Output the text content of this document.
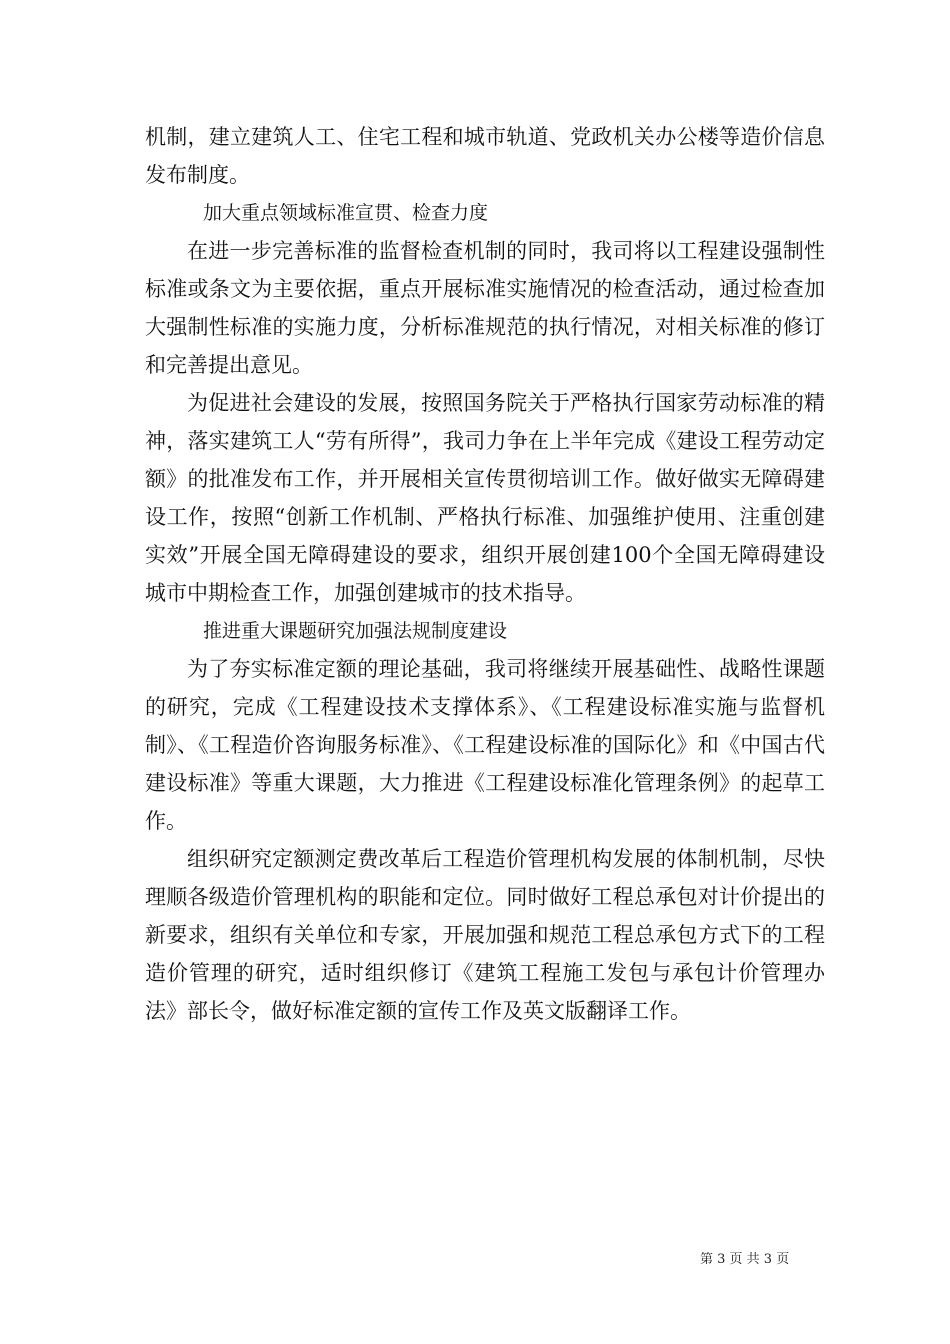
机制，建立建筑人工、住宅工程和城市轨道、党政机关办公楼等造价信息发布制度。

加大重点领域标准宣贯、检查力度

在进一步完善标准的监督检查机制的同时，我司将以工程建设强制性标准或条文为主要依据，重点开展标准实施情况的检查活动，通过检查加大强制性标准的实施力度，分析标准规范的执行情况，对相关标准的修订和完善提出意见。

为促进社会建设的发展，按照国务院关于严格执行国家劳动标准的精神，落实建筑工人“劳有所得”，我司力争在上半年完成《建设工程劳动定额》的批准发布工作，并开展相关宣传贯彻培训工作。做好做实无障碍建设工作，按照“创新工作机制、严格执行标准、加强维护使用、注重创建实效”开展全国无障碍建设的要求，组织开展创建100个全国无障碍建设城市中期检查工作，加强创建城市的技术指导。

推进重大课题研究加强法规制度建设

为了夯实标准定额的理论基础，我司将继续开展基础性、战略性课题的研究，完成《工程建设技术支撑体系》、《工程建设标准实施与监督机制》、《工程造价咨询服务标准》、《工程建设标准的国际化》和《中国古代建设标准》等重大课题，大力推进《工程建设标准化管理条例》的起草工作。

组织研究定额测定费改革后工程造价管理机构发展的体制机制，尽快理顺各级造价管理机构的职能和定位。同时做好工程总承包对计价提出的新要求，组织有关单位和专家，开展加强和规范工程总承包方式下的工程造价管理的研究，适时组织修订《建筑工程施工发包与承包计价管理办法》部长令，做好标准定额的宣传工作及英文版翻译工作。

第 3 页 共 3 页
